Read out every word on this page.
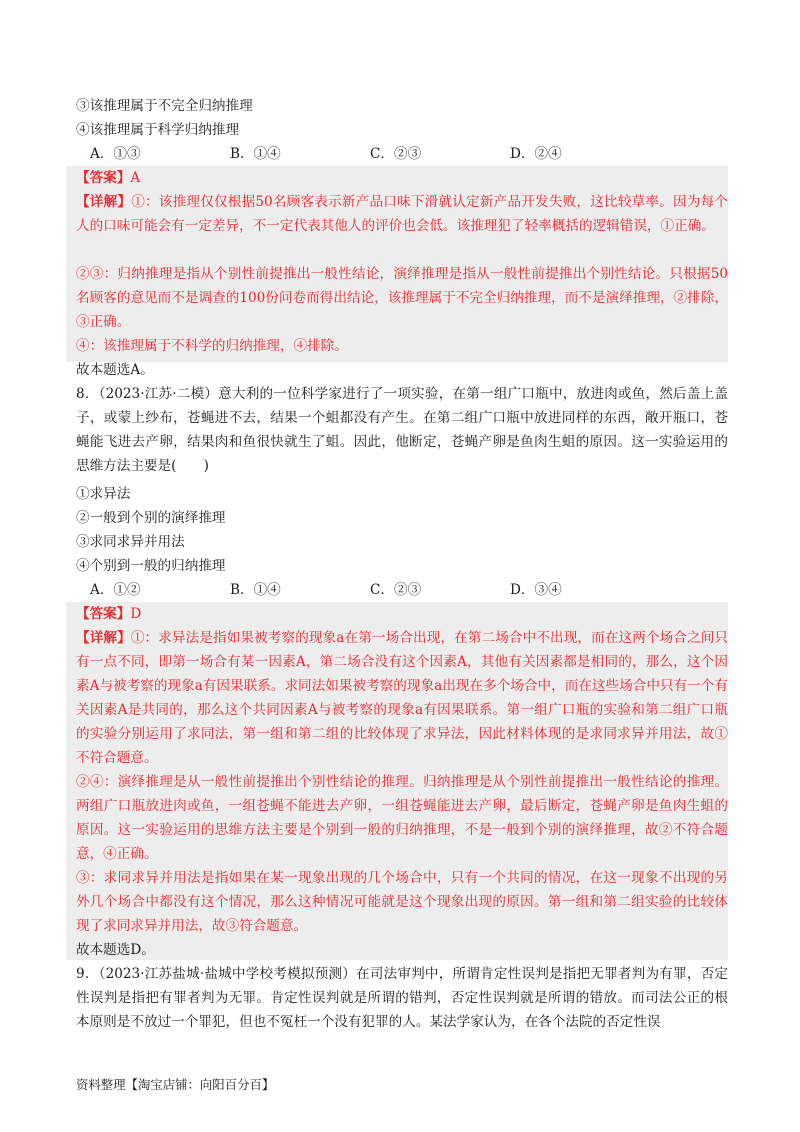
③该推理属于不完全归纳推理
④该推理属于科学归纳推理
A．①③	B．①④	C．②③	D．②④
【答案】A
【详解】①：该推理仅仅根据50名顾客表示新产品口味下滑就认定新产品开发失败，这比较草率。因为每个人的口味可能会有一定差异，不一定代表其他人的评价也会低。该推理犯了轻率概括的逻辑错误，①正确。
②③：归纳推理是指从个别性前提推出一般性结论，演绎推理是指从一般性前提推出个别性结论。只根据50名顾客的意见而不是调查的100份问卷而得出结论，该推理属于不完全归纳推理，而不是演绎推理，②排除，③正确。
④：该推理属于不科学的归纳推理，④排除。
故本题选A。
8．（2023·江苏·二模）意大利的一位科学家进行了一项实验，在第一组广口瓶中，放进肉或鱼，然后盖上盖子，或蒙上纱布，苍蝇进不去，结果一个蛆都没有产生。在第二组广口瓶中放进同样的东西，敞开瓶口，苍蝇能飞进去产卵，结果肉和鱼很快就生了蛆。因此，他断定，苍蝇产卵是鱼肉生蛆的原因。这一实验运用的思维方法主要是(　　)
①求异法
②一般到个别的演绎推理
③求同求异并用法
④个别到一般的归纳推理
A．①②	B．①④	C．②③	D．③④
【答案】D
【详解】①：求异法是指如果被考察的现象a在第一场合出现，在第二场合中不出现，而在这两个场合之间只有一点不同，即第一场合有某一因素A，第二场合没有这个因素A，其他有关因素都是相同的，那么，这个因素A与被考察的现象a有因果联系。求同法如果被考察的现象a出现在多个场合中，而在这些场合中只有一个有关因素A是共同的，那么这个共同因素A与被考察的现象a有因果联系。第一组广口瓶的实验和第二组广口瓶的实验分别运用了求同法，第一组和第二组的比较体现了求异法，因此材料体现的是求同求异并用法，故①不符合题意。
②④：演绎推理是从一般性前提推出个别性结论的推理。归纳推理是从个别性前提推出一般性结论的推理。两组广口瓶放进肉或鱼，一组苍蝇不能进去产卵，一组苍蝇能进去产卵，最后断定，苍蝇产卵是鱼肉生蛆的原因。这一实验运用的思维方法主要是个别到一般的归纳推理，不是一般到个别的演绎推理，故②不符合题意，④正确。
③：求同求异并用法是指如果在某一现象出现的几个场合中，只有一个共同的情况，在这一现象不出现的另外几个场合中都没有这个情况，那么这种情况可能就是这个现象出现的原因。第一组和第二组实验的比较体现了求同求异并用法，故③符合题意。
故本题选D。
9．（2023·江苏盐城·盐城中学校考模拟预测）在司法审判中，所谓肯定性误判是指把无罪者判为有罪，否定性误判是指把有罪者判为无罪。肯定性误判就是所谓的错判，否定性误判就是所谓的错放。而司法公正的根本原则是不放过一个罪犯，但也不冤枉一个没有犯罪的人。某法学家认为，在各个法院的否定性误
资料整理【淘宝店铺：向阳百分百】
